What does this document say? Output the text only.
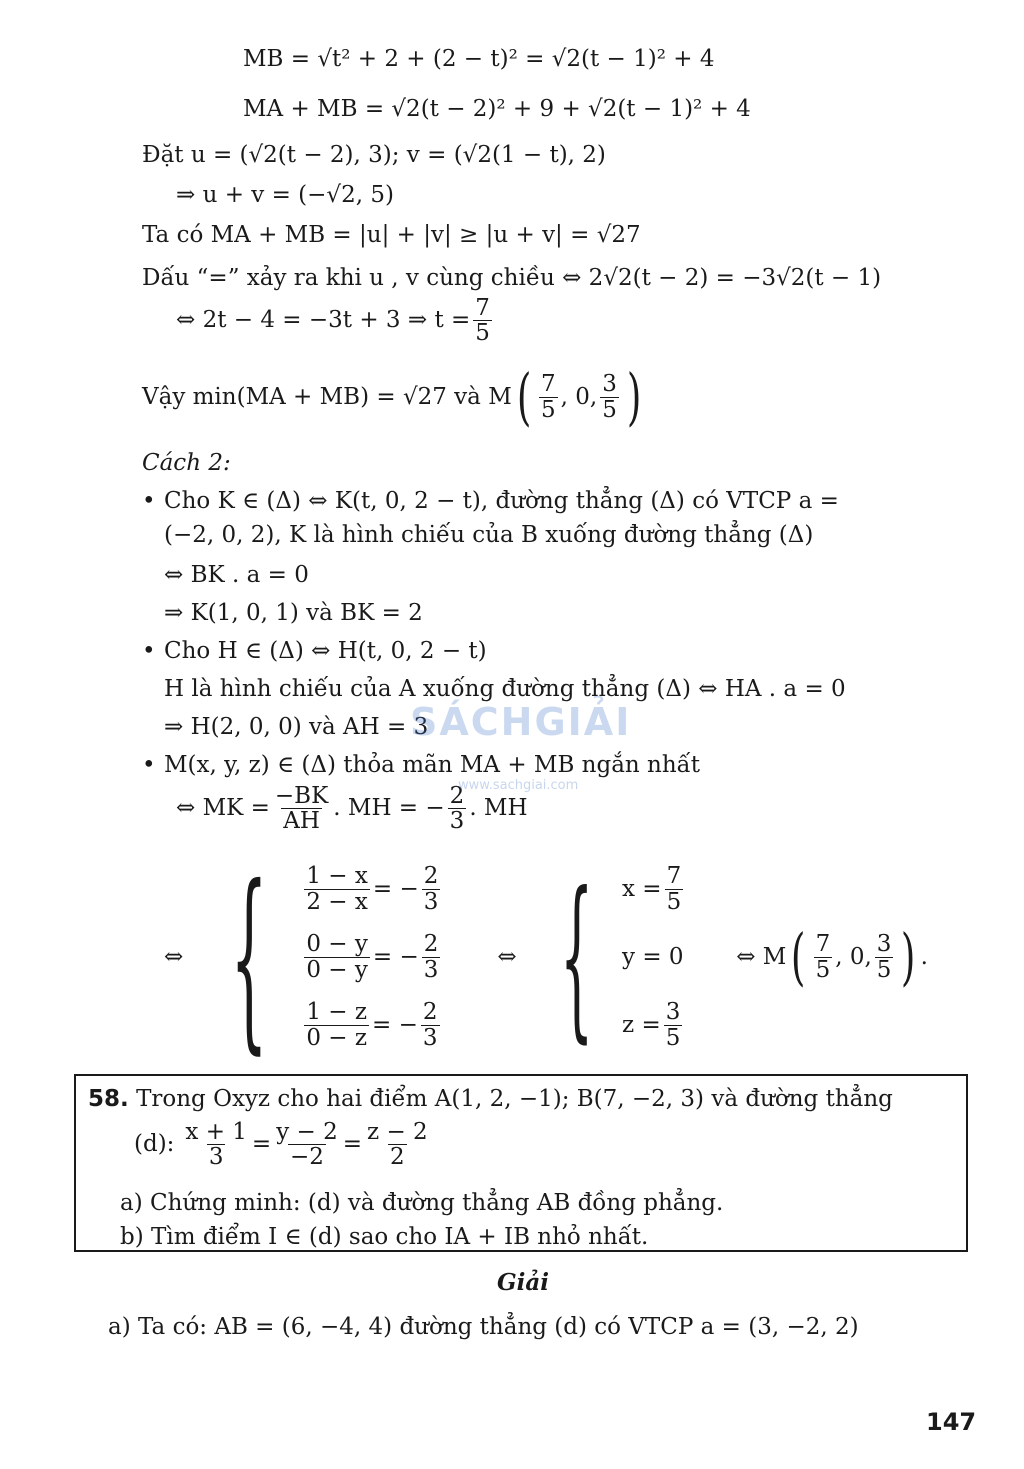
MB = √t² + 2 + (2 − t)² = √2(t − 1)² + 4
MA + MB = √2(t − 2)² + 9 + √2(t − 1)² + 4
Đặt u = (√2(t − 2), 3); v = (√2(1 − t), 2)
⇒ u + v = (−√2, 5)
Ta có MA + MB = |u| + |v| ≥ |u + v| = √27
Dấu “=” xảy ra khi u , v cùng chiều ⇔ 2√2(t − 2) = −3√2(t − 1)
⇔ 2t − 4 = −3t + 3 ⇒ $t = \frac{7}{5}$
Vậy min(MA + MB) = √27 và M ( $\frac{7}{5}$ , 0, $\frac{3}{5}$ )
Cách 2:
• Cho K ∈ (Δ) ⇔ K(t, 0, 2 − t), đường thẳng (Δ) có VTCP a =
(−2, 0, 2), K là hình chiếu của B xuống đường thẳng (Δ)
⇔ BK . a = 0
⇒ K(1, 0, 1) và BK = 2
• Cho H ∈ (Δ) ⇔ H(t, 0, 2 − t)
H là hình chiếu của A xuống đường thẳng (Δ) ⇔ HA . a = 0
⇒ H(2, 0, 0) và AH = 3
• M(x, y, z) ∈ (Δ) thỏa mãn MA + MB ngắn nhất
⇔ MK = $\frac{-BK}{AH}$ . MH = − $\frac{2}{3}$ . MH
⇔ { $\frac{1 - x}{2 - x}$ = − $\frac{2}{3}$
$\frac{0 - y}{0 - y}$ = − $\frac{2}{3}$
$\frac{1 - z}{0 - z}$ = − $\frac{2}{3}$
⇔ { $x = \frac{7}{5}$
y = 0
$z = \frac{3}{5}$
⇔ M ( $\frac{7}{5}$ , 0, $\frac{3}{5}$ ) .
58. Trong Oxyz cho hai điểm A(1, 2, −1); B(7, −2, 3) và đường thẳng
(d): $\frac{x + 1}{3} = \frac{y - 2}{-2} = \frac{z - 2}{2}$
a) Chứng minh: (d) và đường thẳng AB đồng phẳng.
b) Tìm điểm I ∈ (d) sao cho IA + IB nhỏ nhất.
Giải
a) Ta có: AB = (6, −4, 4) đường thẳng (d) có VTCP a = (3, −2, 2)
SÁCHGIẢI
www.sachgiai.com
147
